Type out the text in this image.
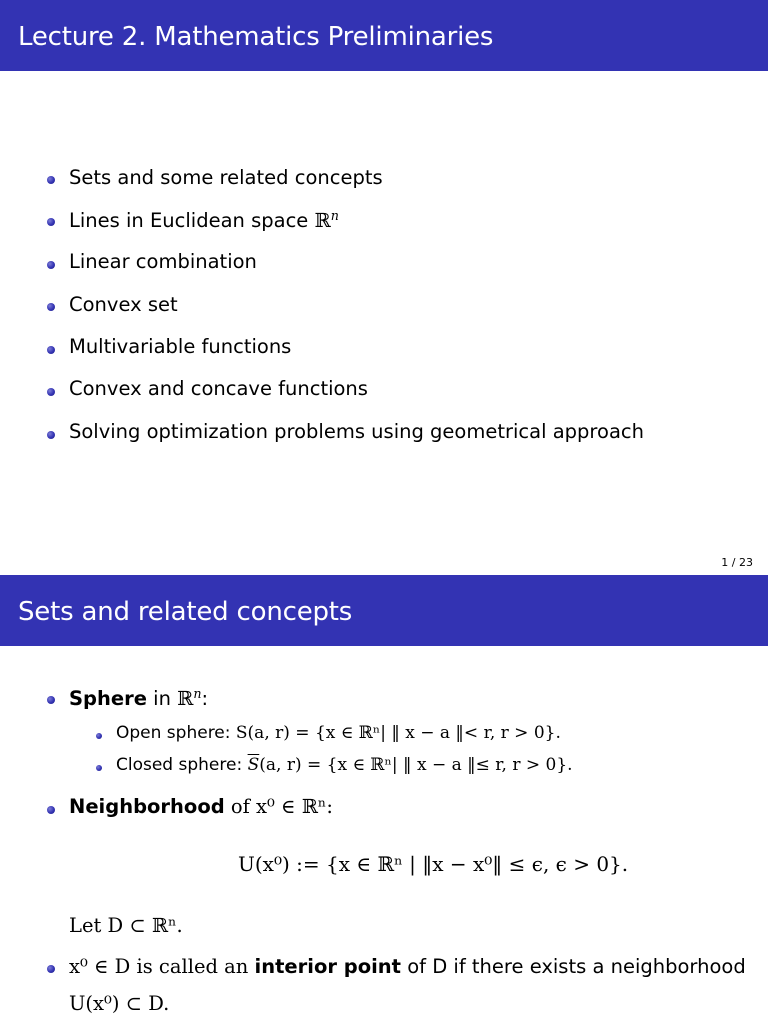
Lecture 2. Mathematics Preliminaries
Sets and some related concepts
Lines in Euclidean space ℝ$^n$
Linear combination
Convex set
Multivariable functions
Convex and concave functions
Solving optimization problems using geometrical approach
1 / 23
Sets and related concepts
Sphere in ℝ$^n$:
Open sphere: S(a, r) = {x ∈ ℝⁿ| ‖ x − a ‖< r, r > 0}.
Closed sphere: $\overline{S}(a$, r) = {x ∈ ℝⁿ| ‖ x − a ‖≤ r, r > 0}.
Neighborhood of x⁰ ∈ ℝⁿ:
Let D ⊂ ℝⁿ.
x⁰ ∈ D is called an interior point of D if there exists a neighborhood
U(x⁰) ⊂ D.
U(x⁰) := {x ∈ ℝⁿ | ‖x − x⁰‖ ≤ ϵ, ϵ > 0}.
